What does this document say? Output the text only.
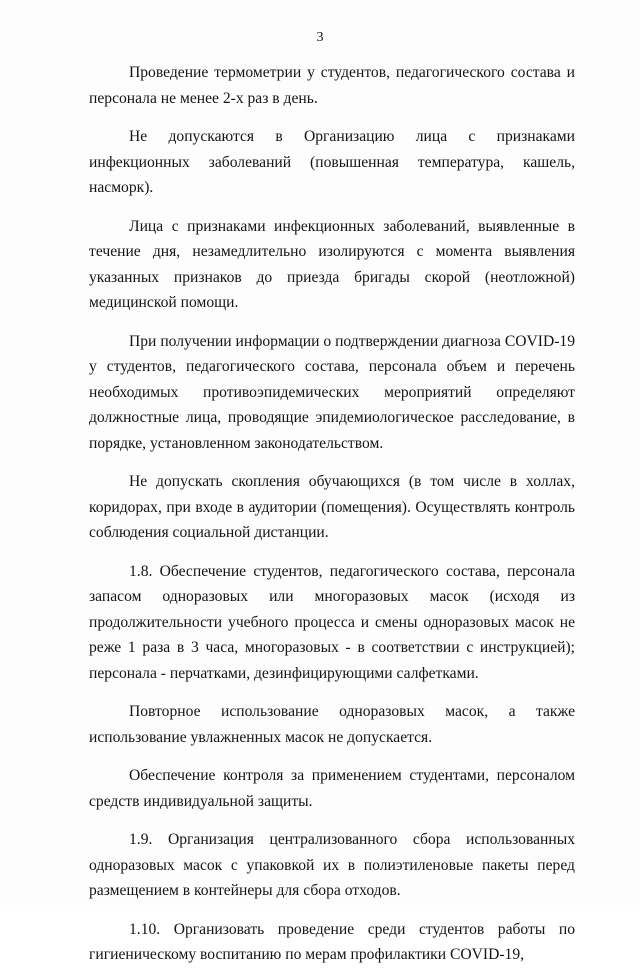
3

Проведение термометрии у студентов, педагогического состава и персонала не менее 2-х раз в день.

Не допускаются в Организацию лица с признаками инфекционных заболеваний (повышенная температура, кашель, насморк).

Лица с признаками инфекционных заболеваний, выявленные в течение дня, незамедлительно изолируются с момента выявления указанных признаков до приезда бригады скорой (неотложной) медицинской помощи.

При получении информации о подтверждении диагноза COVID-19 у студентов, педагогического состава, персонала объем и перечень необходимых противоэпидемических мероприятий определяют должностные лица, проводящие эпидемиологическое расследование, в порядке, установленном законодательством.

Не допускать скопления обучающихся (в том числе в холлах, коридорах, при входе в аудитории (помещения). Осуществлять контроль соблюдения социальной дистанции.

1.8. Обеспечение студентов, педагогического состава, персонала запасом одноразовых или многоразовых масок (исходя из продолжительности учебного процесса и смены одноразовых масок не реже 1 раза в 3 часа, многоразовых - в соответствии с инструкцией); персонала - перчатками, дезинфицирующими салфетками.

Повторное использование одноразовых масок, а также использование увлажненных масок не допускается.

Обеспечение контроля за применением студентами, персоналом средств индивидуальной защиты.

1.9. Организация централизованного сбора использованных одноразовых масок с упаковкой их в полиэтиленовые пакеты перед размещением в контейнеры для сбора отходов.

1.10. Организовать проведение среди студентов работы по гигиеническому воспитанию по мерам профилактики COVID-19,
